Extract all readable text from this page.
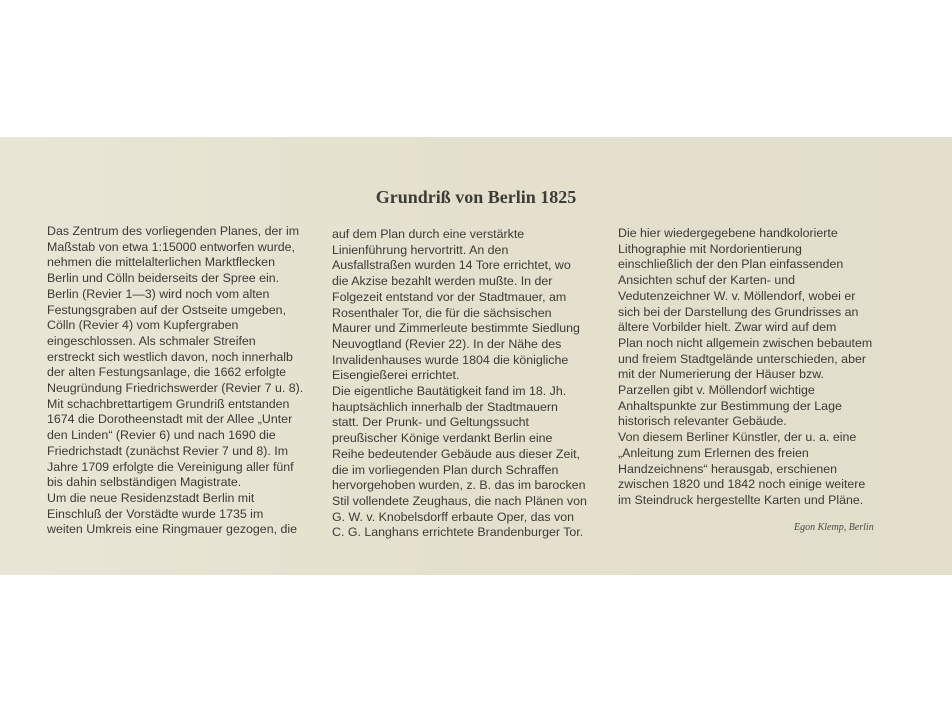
Grundriß von Berlin 1825
Das Zentrum des vorliegenden Planes, der im
Maßstab von etwa 1:15000 entworfen wurde,
nehmen die mittelalterlichen Marktflecken
Berlin und Cölln beiderseits der Spree ein.
Berlin (Revier 1—3) wird noch vom alten
Festungsgraben auf der Ostseite umgeben,
Cölln (Revier 4) vom Kupfergraben
eingeschlossen. Als schmaler Streifen
erstreckt sich westlich davon, noch innerhalb
der alten Festungsanlage, die 1662 erfolgte
Neugründung Friedrichswerder (Revier 7 u. 8).
Mit schachbrettartigem Grundriß entstanden
1674 die Dorotheenstadt mit der Allee „Unter
den Linden“ (Revier 6) und nach 1690 die
Friedrichstadt (zunächst Revier 7 und 8). Im
Jahre 1709 erfolgte die Vereinigung aller fünf
bis dahin selbständigen Magistrate.
Um die neue Residenzstadt Berlin mit
Einschluß der Vorstädte wurde 1735 im
weiten Umkreis eine Ringmauer gezogen, die
auf dem Plan durch eine verstärkte
Linienführung hervortritt. An den
Ausfallstraßen wurden 14 Tore errichtet, wo
die Akzise bezahlt werden mußte. In der
Folgezeit entstand vor der Stadtmauer, am
Rosenthaler Tor, die für die sächsischen
Maurer und Zimmerleute bestimmte Siedlung
Neuvogtland (Revier 22). In der Nähe des
Invalidenhauses wurde 1804 die königliche
Eisengießerei errichtet.
Die eigentliche Bautätigkeit fand im 18. Jh.
hauptsächlich innerhalb der Stadtmauern
statt. Der Prunk- und Geltungssucht
preußischer Könige verdankt Berlin eine
Reihe bedeutender Gebäude aus dieser Zeit,
die im vorliegenden Plan durch Schraffen
hervorgehoben wurden, z. B. das im barocken
Stil vollendete Zeughaus, die nach Plänen von
G. W. v. Knobelsdorff erbaute Oper, das von
C. G. Langhans errichtete Brandenburger Tor.
Die hier wiedergegebene handkolorierte
Lithographie mit Nordorientierung
einschließlich der den Plan einfassenden
Ansichten schuf der Karten- und
Vedutenzeichner W. v. Möllendorf, wobei er
sich bei der Darstellung des Grundrisses an
ältere Vorbilder hielt. Zwar wird auf dem
Plan noch nicht allgemein zwischen bebautem
und freiem Stadtgelände unterschieden, aber
mit der Numerierung der Häuser bzw.
Parzellen gibt v. Möllendorf wichtige
Anhaltspunkte zur Bestimmung der Lage
historisch relevanter Gebäude.
Von diesem Berliner Künstler, der u. a. eine
„Anleitung zum Erlernen des freien
Handzeichnens“ herausgab, erschienen
zwischen 1820 und 1842 noch einige weitere
im Steindruck hergestellte Karten und Pläne.
Egon Klemp, Berlin
